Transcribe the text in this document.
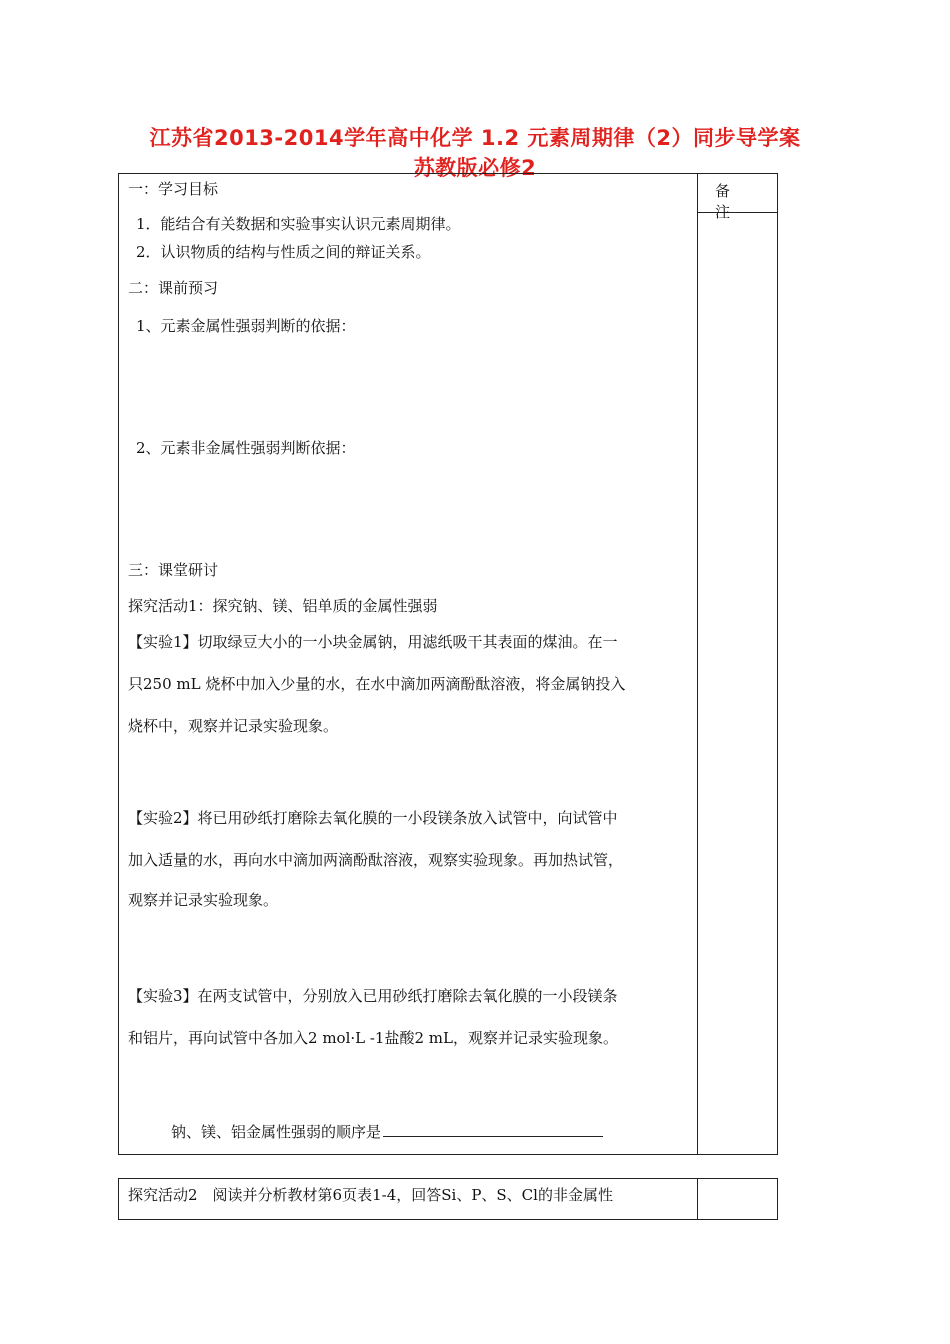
江苏省2013-2014学年高中化学 1.2 元素周期律（2）同步导学案
苏教版必修2
备注
一：学习目标
1．能结合有关数据和实验事实认识元素周期律。
2．认识物质的结构与性质之间的辩证关系。
二：课前预习
1、元素金属性强弱判断的依据：
2、元素非金属性强弱判断依据：
三：课堂研讨
探究活动1：探究钠、镁、铝单质的金属性强弱
【实验1】切取绿豆大小的一小块金属钠，用滤纸吸干其表面的煤油。在一
只250 mL 烧杯中加入少量的水，在水中滴加两滴酚酞溶液，将金属钠投入
烧杯中，观察并记录实验现象。
【实验2】将已用砂纸打磨除去氧化膜的一小段镁条放入试管中，向试管中
加入适量的水，再向水中滴加两滴酚酞溶液，观察实验现象。再加热试管，
观察并记录实验现象。
【实验3】在两支试管中，分别放入已用砂纸打磨除去氧化膜的一小段镁条
和铝片，再向试管中各加入2 mol·L -1盐酸2 mL，观察并记录实验现象。
钠、镁、铝金属性强弱的顺序是
探究活动2　阅读并分析教材第6页表1-4，回答Si、P、S、Cl的非金属性
